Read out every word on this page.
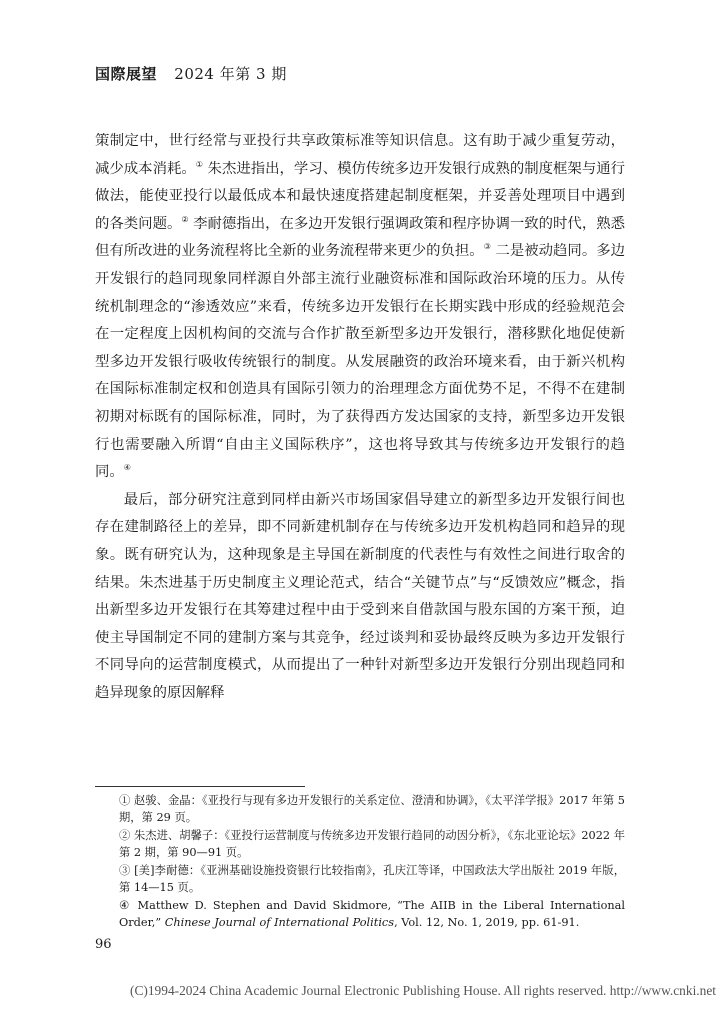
国際展望 2024 年第 3 期

策制定中，世行经常与亚投行共享政策标准等知识信息。这有助于减少重复劳动，减少成本消耗。① 朱杰进指出，学习、模仿传统多边开发银行成熟的制度框架与通行做法，能使亚投行以最低成本和最快速度搭建起制度框架，并妥善处理项目中遇到的各类问题。② 李耐德指出，在多边开发银行强调政策和程序协调一致的时代，熟悉但有所改进的业务流程将比全新的业务流程带来更少的负担。③ 二是被动趋同。多边开发银行的趋同现象同样源自外部主流行业融资标准和国际政治环境的压力。从传统机制理念的“渗透效应”来看，传统多边开发银行在长期实践中形成的经验规范会在一定程度上因机构间的交流与合作扩散至新型多边开发银行，潜移默化地促使新型多边开发银行吸收传统银行的制度。从发展融资的政治环境来看，由于新兴机构在国际标准制定权和创造具有国际引领力的治理理念方面优势不足，不得不在建制初期对标既有的国际标准，同时，为了获得西方发达国家的支持，新型多边开发银行也需要融入所谓“自由主义国际秩序”，这也将导致其与传统多边开发银行的趋同。④

最后，部分研究注意到同样由新兴市场国家倡导建立的新型多边开发银行间也存在建制路径上的差异，即不同新建机制存在与传统多边开发机构趋同和趋异的现象。既有研究认为，这种现象是主导国在新制度的代表性与有效性之间进行取舍的结果。朱杰进基于历史制度主义理论范式，结合“关键节点”与“反馈效应”概念，指出新型多边开发银行在其筹建过程中由于受到来自借款国与股东国的方案干预，迫使主导国制定不同的建制方案与其竞争，经过谈判和妥协最终反映为多边开发银行不同导向的运营制度模式，从而提出了一种针对新型多边开发银行分别出现趋同和趋异现象的原因解释

① 赵骏、金晶：《亚投行与现有多边开发银行的关系定位、澄清和协调》，《太平洋学报》2017 年第 5 期，第 29 页。

② 朱杰进、胡馨子：《亚投行运营制度与传统多边开发银行趋同的动因分析》，《东北亚论坛》2022 年第 2 期，第 90—91 页。

③ [美]李耐德：《亚洲基础设施投资银行比较指南》，孔庆江等译，中国政法大学出版社 2019 年版，第 14—15 页。

④ Matthew D. Stephen and David Skidmore, “The AIIB in the Liberal International Order,” Chinese Journal of International Politics, Vol. 12, No. 1, 2019, pp. 61-91.

96
(C)1994-2024 China Academic Journal Electronic Publishing House. All rights reserved. http://www.cnki.net
